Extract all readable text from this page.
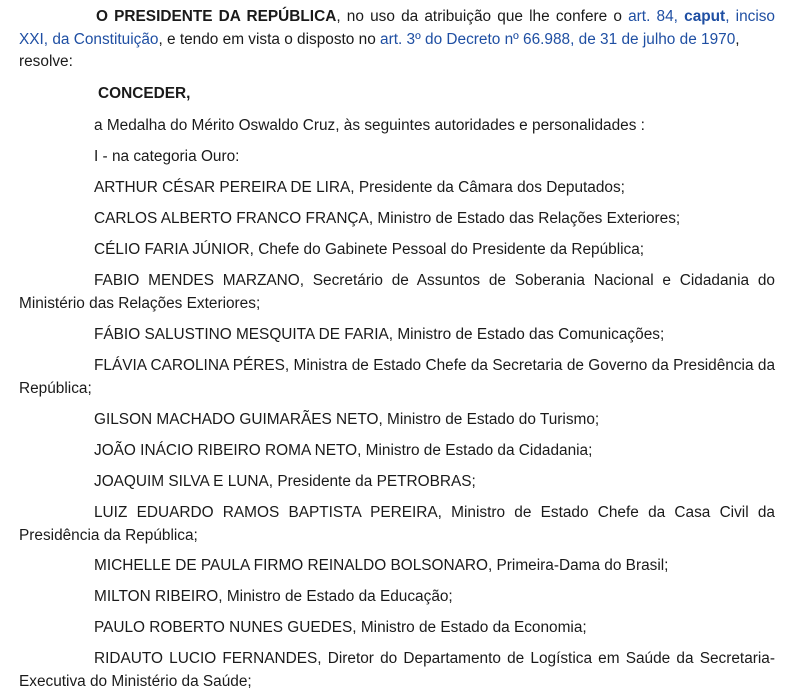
O PRESIDENTE DA REPÚBLICA, no uso da atribuição que lhe confere o art. 84, caput, inciso XXI, da Constituição, e tendo em vista o disposto no art. 3º do Decreto nº 66.988, de 31 de julho de 1970,
resolve:

CONCEDER,

a Medalha do Mérito Oswaldo Cruz, às seguintes autoridades e personalidades :

I - na categoria Ouro:

ARTHUR CÉSAR PEREIRA DE LIRA, Presidente da Câmara dos Deputados;

CARLOS ALBERTO FRANCO FRANÇA, Ministro de Estado das Relações Exteriores;

CÉLIO FARIA JÚNIOR, Chefe do Gabinete Pessoal do Presidente da República;

FABIO MENDES MARZANO, Secretário de Assuntos de Soberania Nacional e Cidadania do Ministério das Relações Exteriores;

FÁBIO SALUSTINO MESQUITA DE FARIA, Ministro de Estado das Comunicações;

FLÁVIA CAROLINA PÉRES, Ministra de Estado Chefe da Secretaria de Governo da Presidência da República;

GILSON MACHADO GUIMARÃES NETO, Ministro de Estado do Turismo;

JOÃO INÁCIO RIBEIRO ROMA NETO, Ministro de Estado da Cidadania;

JOAQUIM SILVA E LUNA, Presidente da PETROBRAS;

LUIZ EDUARDO RAMOS BAPTISTA PEREIRA, Ministro de Estado Chefe da Casa Civil da Presidência da República;

MICHELLE DE PAULA FIRMO REINALDO BOLSONARO, Primeira-Dama do Brasil;

MILTON RIBEIRO, Ministro de Estado da Educação;

PAULO ROBERTO NUNES GUEDES, Ministro de Estado da Economia;

RIDAUTO LUCIO FERNANDES, Diretor do Departamento de Logística em Saúde da Secretaria-Executiva do Ministério da Saúde;
